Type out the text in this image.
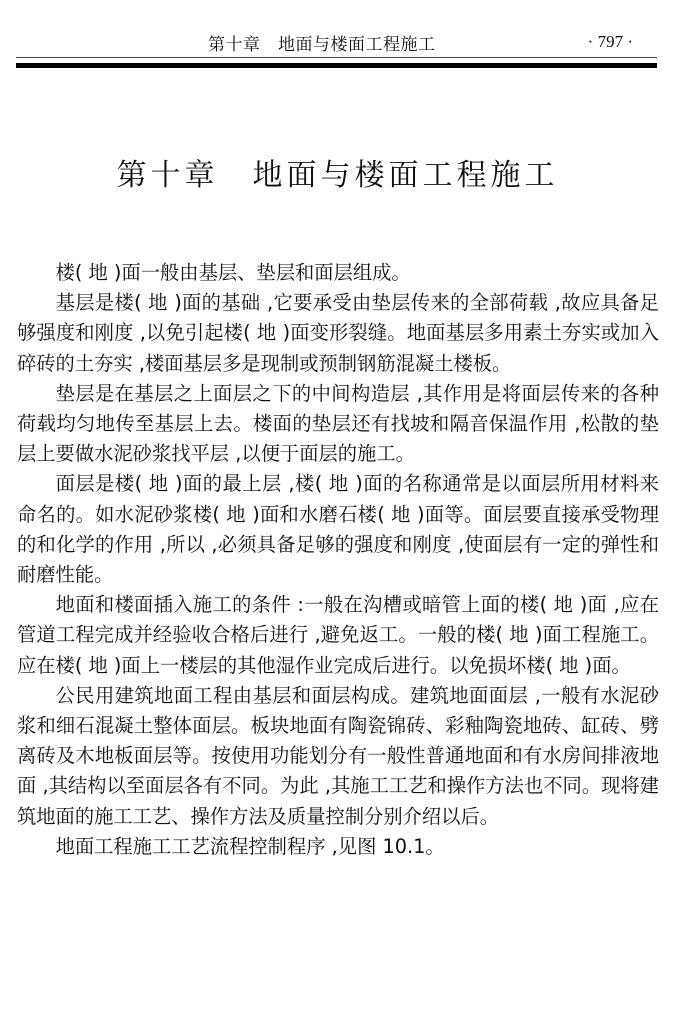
第十章　地面与楼面工程施工	· 797 ·
第十章 地面与楼面工程施工

楼( 地 )面一般由基层、垫层和面层组成。

基层是楼( 地 )面的基础 ,它要承受由垫层传来的全部荷载 ,故应具备足够强度和刚度 ,以免引起楼( 地 )面变形裂缝。地面基层多用素土夯实或加入碎砖的土夯实 ,楼面基层多是现制或预制钢筋混凝土楼板。

垫层是在基层之上面层之下的中间构造层 ,其作用是将面层传来的各种荷载均匀地传至基层上去。楼面的垫层还有找坡和隔音保温作用 ,松散的垫层上要做水泥砂浆找平层 ,以便于面层的施工。

面层是楼( 地 )面的最上层 ,楼( 地 )面的名称通常是以面层所用材料来命名的。如水泥砂浆楼( 地 )面和水磨石楼( 地 )面等。面层要直接承受物理的和化学的作用 ,所以 ,必须具备足够的强度和刚度 ,使面层有一定的弹性和耐磨性能。

地面和楼面插入施工的条件 :一般在沟槽或暗管上面的楼( 地 )面 ,应在管道工程完成并经验收合格后进行 ,避免返工。一般的楼( 地 )面工程施工。应在楼( 地 )面上一楼层的其他湿作业完成后进行。以免损坏楼( 地 )面。

公民用建筑地面工程由基层和面层构成。建筑地面面层 ,一般有水泥砂浆和细石混凝土整体面层。板块地面有陶瓷锦砖、彩釉陶瓷地砖、缸砖、劈离砖及木地板面层等。按使用功能划分有一般性普通地面和有水房间排液地面 ,其结构以至面层各有不同。为此 ,其施工工艺和操作方法也不同。现将建筑地面的施工工艺、操作方法及质量控制分别介绍以后。

地面工程施工工艺流程控制程序 ,见图 10.1。
